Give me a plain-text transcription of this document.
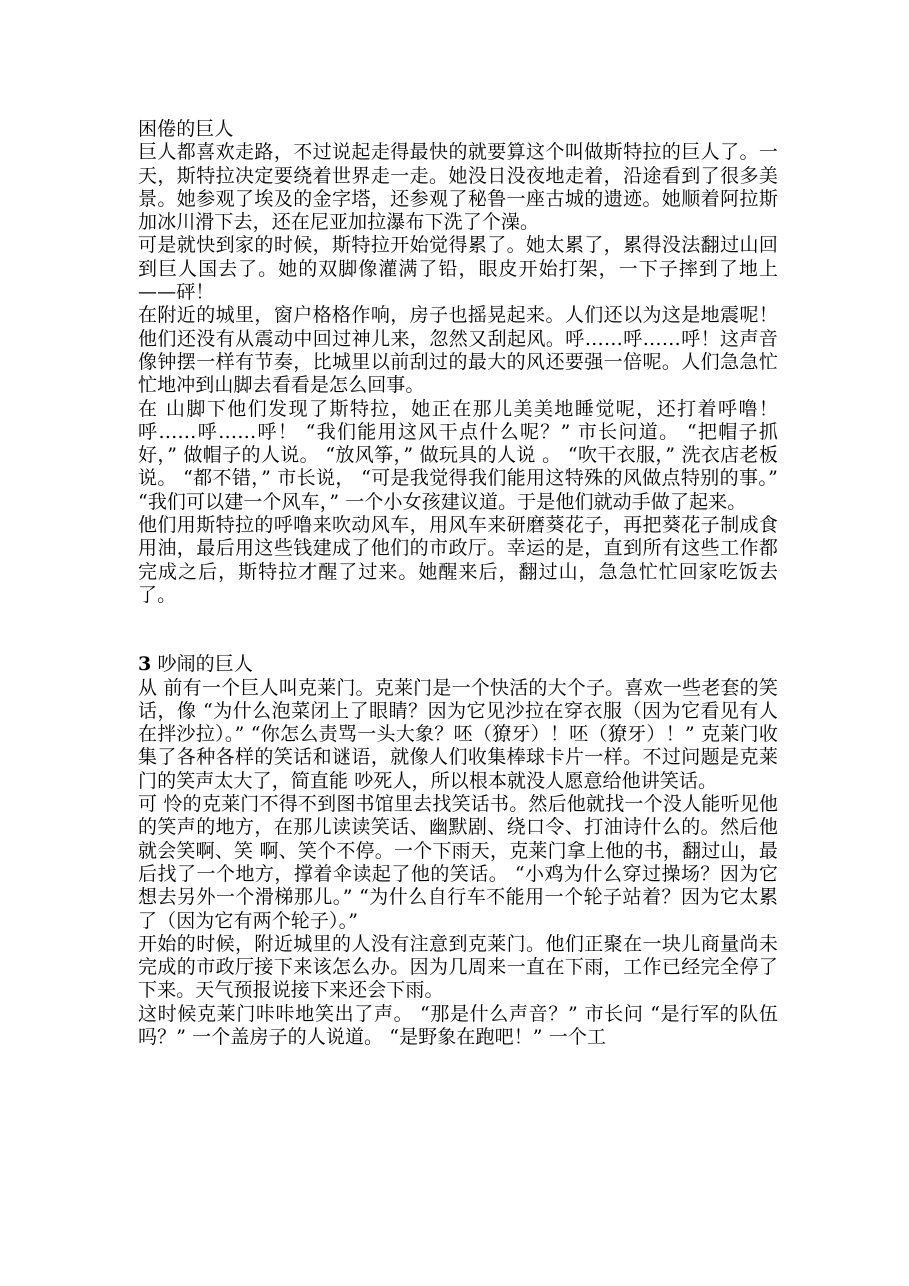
困倦的巨人

巨人都喜欢走路，不过说起走得最快的就要算这个叫做斯特拉的巨人了。一天，斯特拉决定要绕着世界走一走。她没日没夜地走着，沿途看到了很多美景。她参观了埃及的金字塔，还参观了秘鲁一座古城的遗迹。她顺着阿拉斯加冰川滑下去，还在尼亚加拉瀑布下洗了个澡。

可是就快到家的时候，斯特拉开始觉得累了。她太累了，累得没法翻过山回到巨人国去了。她的双脚像灌满了铅，眼皮开始打架，一下子摔到了地上——砰！

在附近的城里，窗户格格作响，房子也摇晃起来。人们还以为这是地震呢！他们还没有从震动中回过神儿来，忽然又刮起风。呼……呼……呼！这声音像钟摆一样有节奏，比城里以前刮过的最大的风还要强一倍呢。人们急急忙忙地冲到山脚去看看是怎么回事。

在 山脚下他们发现了斯特拉，她正在那儿美美地睡觉呢，还打着呼噜！呼……呼……呼！ “我们能用这风干点什么呢？” 市长问道。 “把帽子抓好，” 做帽子的人说。 “放风筝，” 做玩具的人说 。 “吹干衣服，” 洗衣店老板说。 “都不错，” 市长说， “可是我觉得我们能用这特殊的风做点特别的事。” “我们可以建一个风车，” 一个小女孩建议道。于是他们就动手做了起来。

他们用斯特拉的呼噜来吹动风车，用风车来研磨葵花子，再把葵花子制成食用油，最后用这些钱建成了他们的市政厅。幸运的是，直到所有这些工作都完成之后，斯特拉才醒了过来。她醒来后，翻过山，急急忙忙回家吃饭去了。

3 吵闹的巨人

从 前有一个巨人叫克莱门。克莱门是一个快活的大个子。喜欢一些老套的笑话，像 “为什么泡菜闭上了眼睛？因为它见沙拉在穿衣服（因为它看见有人在拌沙拉）。” “你怎么责骂一头大象？呸（獠牙）！呸（獠牙）！” 克莱门收集了各种各样的笑话和谜语，就像人们收集棒球卡片一样。不过问题是克莱门的笑声太大了，简直能 吵死人，所以根本就没人愿意给他讲笑话。

可 怜的克莱门不得不到图书馆里去找笑话书。然后他就找一个没人能听见他的笑声的地方，在那儿读读笑话、幽默剧、绕口令、打油诗什么的。然后他就会笑啊、笑 啊、笑个不停。一个下雨天，克莱门拿上他的书，翻过山，最后找了一个地方，撑着伞读起了他的笑话。 “小鸡为什么穿过操场？因为它想去另外一个滑梯那儿。” “为什么自行车不能用一个轮子站着？因为它太累了（因为它有两个轮子）。”

开始的时候，附近城里的人没有注意到克莱门。他们正聚在一块儿商量尚未完成的市政厅接下来该怎么办。因为几周来一直在下雨，工作已经完全停了下来。天气预报说接下来还会下雨。

这时候克莱门咔咔地笑出了声。 “那是什么声音？” 市长问 “是行军的队伍吗？” 一个盖房子的人说道。 “是野象在跑吧！” 一个工
